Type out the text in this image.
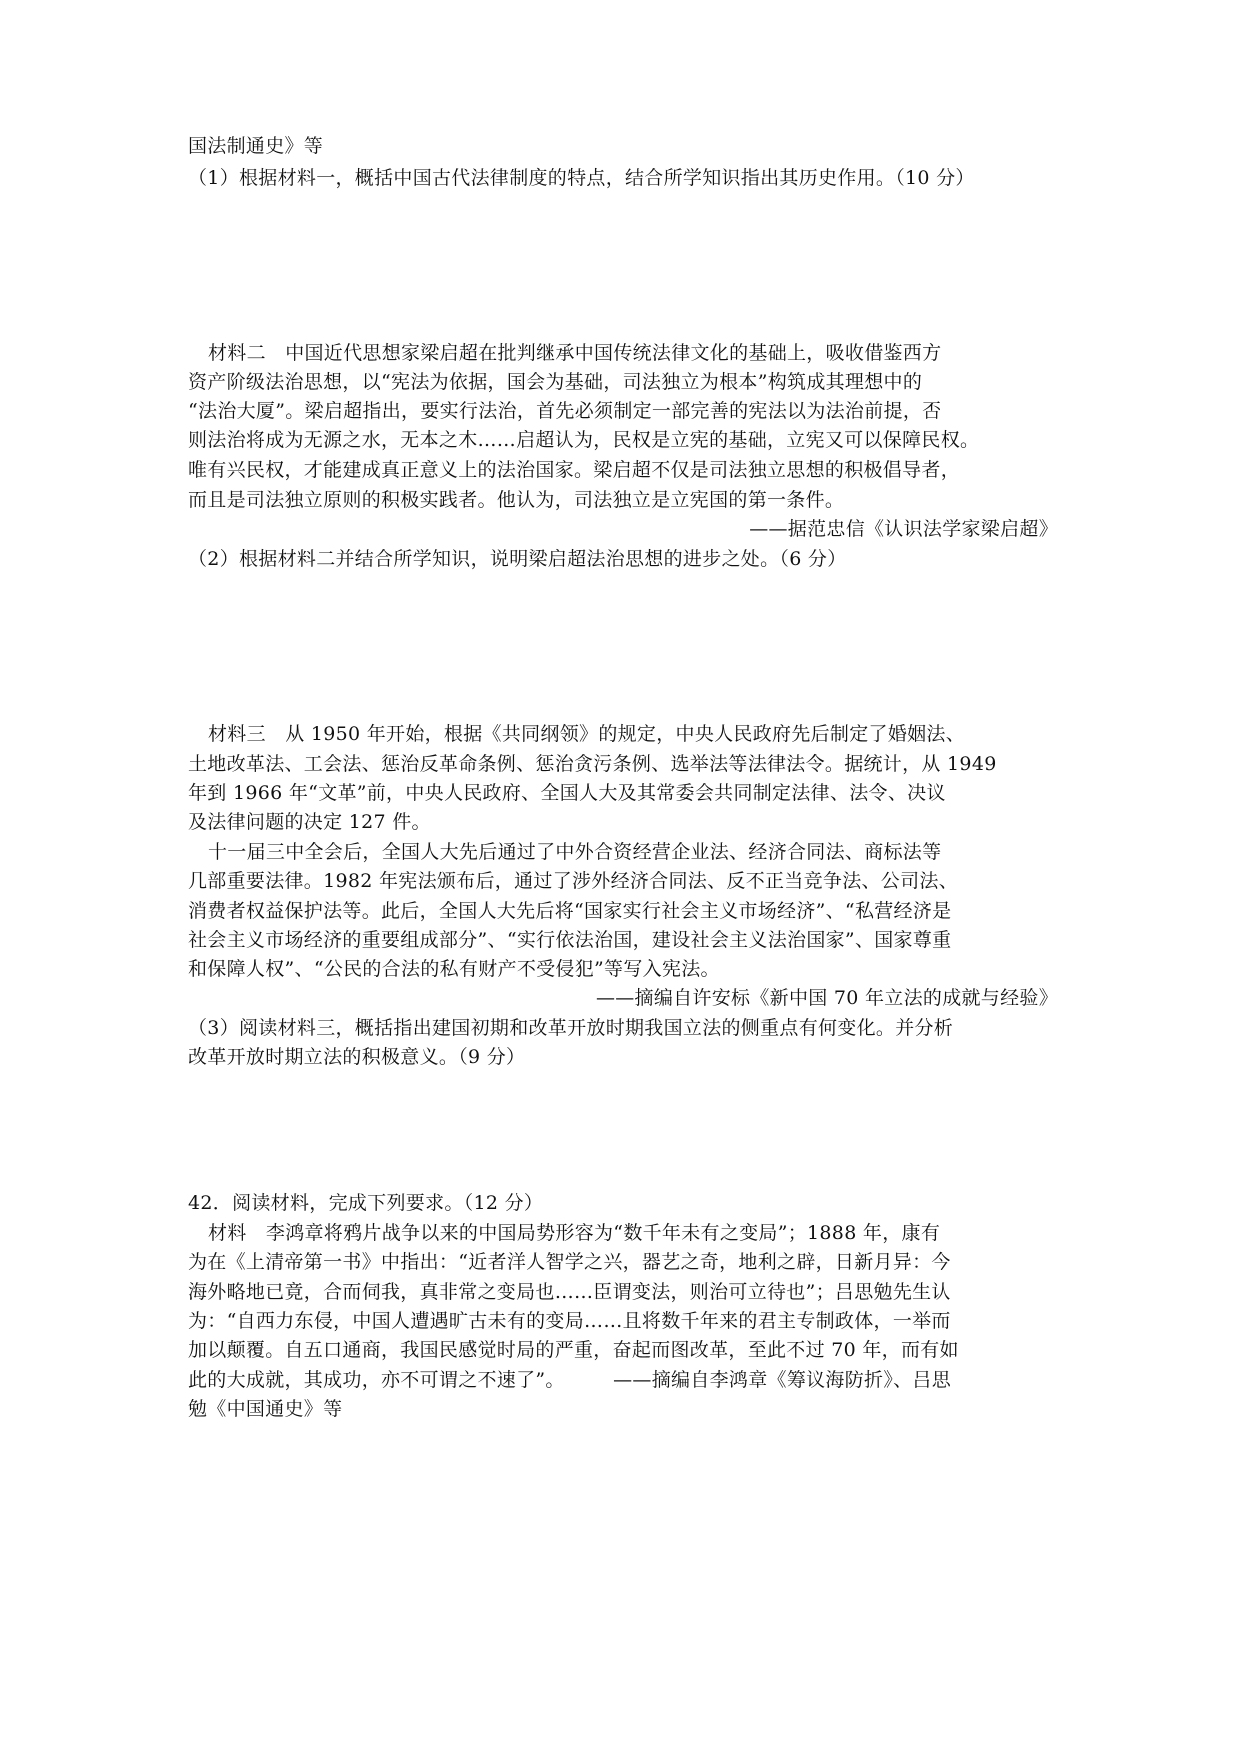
国法制通史》等
（1）根据材料一，概括中国古代法律制度的特点，结合所学知识指出其历史作用。（10 分）
材料二　中国近代思想家梁启超在批判继承中国传统法律文化的基础上，吸收借鉴西方
资产阶级法治思想，以“宪法为依据，国会为基础，司法独立为根本”构筑成其理想中的
“法治大厦”。梁启超指出，要实行法治，首先必须制定一部完善的宪法以为法治前提，否
则法治将成为无源之水，无本之木……启超认为，民权是立宪的基础，立宪又可以保障民权。
唯有兴民权，才能建成真正意义上的法治国家。梁启超不仅是司法独立思想的积极倡导者，
而且是司法独立原则的积极实践者。他认为，司法独立是立宪国的第一条件。
——据范忠信《认识法学家梁启超》
（2）根据材料二并结合所学知识，说明梁启超法治思想的进步之处。（6 分）
材料三　从 1950 年开始，根据《共同纲领》的规定，中央人民政府先后制定了婚姻法、
土地改革法、工会法、惩治反革命条例、惩治贪污条例、选举法等法律法令。据统计，从 1949
年到 1966 年“文革”前，中央人民政府、全国人大及其常委会共同制定法律、法令、决议
及法律问题的决定 127 件。
十一届三中全会后，全国人大先后通过了中外合资经营企业法、经济合同法、商标法等
几部重要法律。1982 年宪法颁布后，通过了涉外经济合同法、反不正当竞争法、公司法、
消费者权益保护法等。此后，全国人大先后将“国家实行社会主义市场经济”、“私营经济是
社会主义市场经济的重要组成部分”、“实行依法治国，建设社会主义法治国家”、国家尊重
和保障人权”、“公民的合法的私有财产不受侵犯”等写入宪法。
——摘编自许安标《新中国 70 年立法的成就与经验》
（3）阅读材料三，概括指出建国初期和改革开放时期我国立法的侧重点有何变化。并分析
改革开放时期立法的积极意义。（9 分）
42．阅读材料，完成下列要求。（12 分）
材料　李鸿章将鸦片战争以来的中国局势形容为“数千年未有之变局”；1888 年，康有
为在《上清帝第一书》中指出：“近者洋人智学之兴，器艺之奇，地利之辟，日新月异：今
海外略地已竟，合而伺我，真非常之变局也……臣谓变法，则治可立待也”；吕思勉先生认
为：“自西力东侵，中国人遭遇旷古未有的变局……且将数千年来的君主专制政体，一举而
加以颠覆。自五口通商，我国民感觉时局的严重，奋起而图改革，至此不过 70 年，而有如
此的大成就，其成功，亦不可谓之不速了”。　　　——摘编自李鸿章《筹议海防折》、吕思
勉《中国通史》等
